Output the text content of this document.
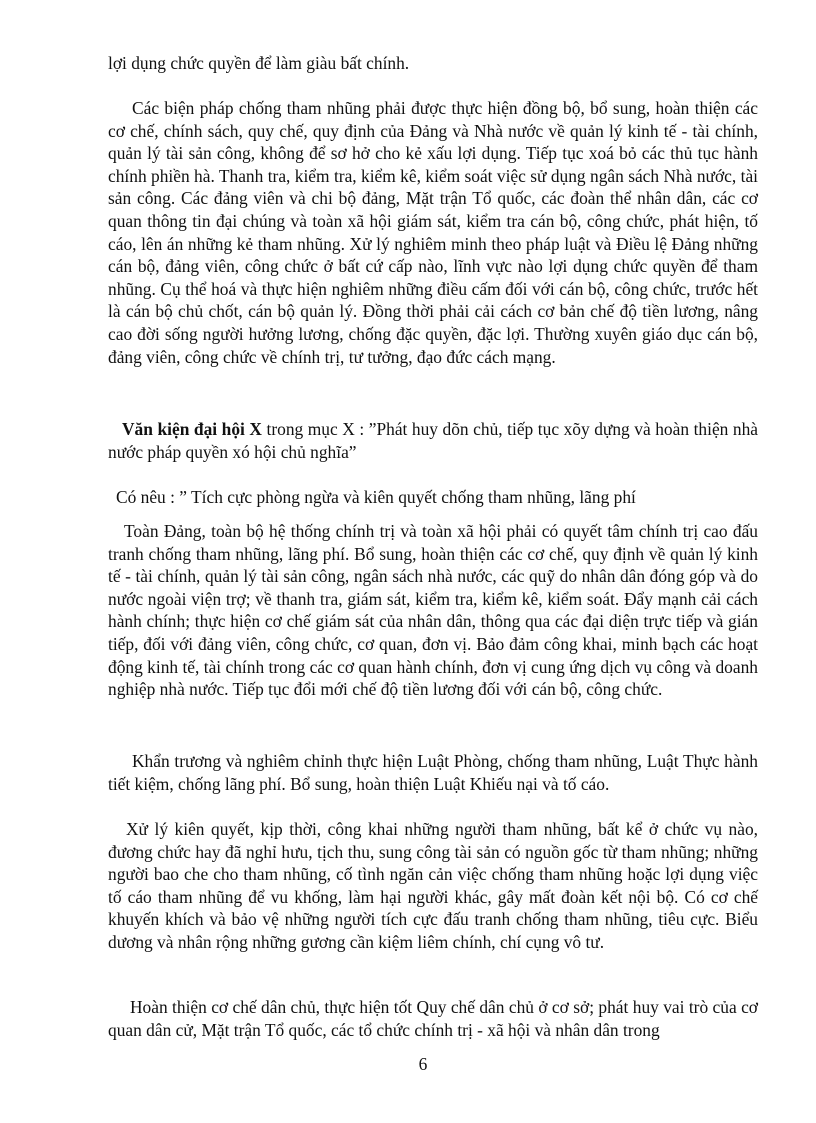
lợi dụng chức quyền để làm giàu bất chính.

Các biện pháp chống tham nhũng phải được thực hiện đồng bộ, bổ sung, hoàn thiện các cơ chế, chính sách, quy chế, quy định của Đảng và Nhà nước về quản lý kinh tế - tài chính, quản lý tài sản công, không để sơ hở cho kẻ xấu lợi dụng. Tiếp tục xoá bỏ các thủ tục hành chính phiền hà. Thanh tra, kiểm tra, kiểm kê, kiểm soát việc sử dụng ngân sách Nhà nước, tài sản công. Các đảng viên và chi bộ đảng, Mặt trận Tổ quốc, các đoàn thể nhân dân, các cơ quan thông tin đại chúng và toàn xã hội giám sát, kiểm tra cán bộ, công chức, phát hiện, tố cáo, lên án những kẻ tham nhũng. Xử lý nghiêm minh theo pháp luật và Điều lệ Đảng những cán bộ, đảng viên, công chức ở bất cứ cấp nào, lĩnh vực nào lợi dụng chức quyền để tham nhũng. Cụ thể hoá và thực hiện nghiêm những điều cấm đối với cán bộ, công chức, trước hết là cán bộ chủ chốt, cán bộ quản lý. Đồng thời phải cải cách cơ bản chế độ tiền lương, nâng cao đời sống người hưởng lương, chống đặc quyền, đặc lợi. Thường xuyên giáo dục cán bộ, đảng viên, công chức về chính trị, tư tưởng, đạo đức cách mạng.

Văn kiện đại hội X trong mục X : ”Phát huy dõn chủ, tiếp tục xõy dựng và hoàn thiện nhà nước pháp quyền xó hội chủ nghĩa”

Có nêu : ” Tích cực phòng ngừa và kiên quyết chống tham nhũng, lãng phí

Toàn Đảng, toàn bộ hệ thống chính trị và toàn xã hội phải có quyết tâm chính trị cao đấu tranh chống tham nhũng, lãng phí. Bổ sung, hoàn thiện các cơ chế, quy định về quản lý kinh tế - tài chính, quản lý tài sản công, ngân sách nhà nước, các quỹ do nhân dân đóng góp và do nước ngoài viện trợ; về thanh tra, giám sát, kiểm tra, kiểm kê, kiểm soát. Đẩy mạnh cải cách hành chính; thực hiện cơ chế giám sát của nhân dân, thông qua các đại diện trực tiếp và gián tiếp, đối với đảng viên, công chức, cơ quan, đơn vị. Bảo đảm công khai, minh bạch các hoạt động kinh tế, tài chính trong các cơ quan hành chính, đơn vị cung ứng dịch vụ công và doanh nghiệp nhà nước. Tiếp tục đổi mới chế độ tiền lương đối với cán bộ, công chức.

Khẩn trương và nghiêm chỉnh thực hiện Luật Phòng, chống tham nhũng, Luật Thực hành tiết kiệm, chống lãng phí. Bổ sung, hoàn thiện Luật Khiếu nại và tố cáo.

Xử lý kiên quyết, kịp thời, công khai những người tham nhũng, bất kể ở chức vụ nào, đương chức hay đã nghỉ hưu, tịch thu, sung công tài sản có nguồn gốc từ tham nhũng; những người bao che cho tham nhũng, cố tình ngăn cản việc chống tham nhũng hoặc lợi dụng việc tố cáo tham nhũng để vu khống, làm hại người khác, gây mất đoàn kết nội bộ. Có cơ chế khuyến khích và bảo vệ những người tích cực đấu tranh chống tham nhũng, tiêu cực. Biểu dương và nhân rộng những gương cần kiệm liêm chính, chí cụng vô tư.

Hoàn thiện cơ chế dân chủ, thực hiện tốt Quy chế dân chủ ở cơ sở; phát huy vai trò của cơ quan dân cử, Mặt trận Tổ quốc, các tổ chức chính trị - xã hội và nhân dân trong

6
